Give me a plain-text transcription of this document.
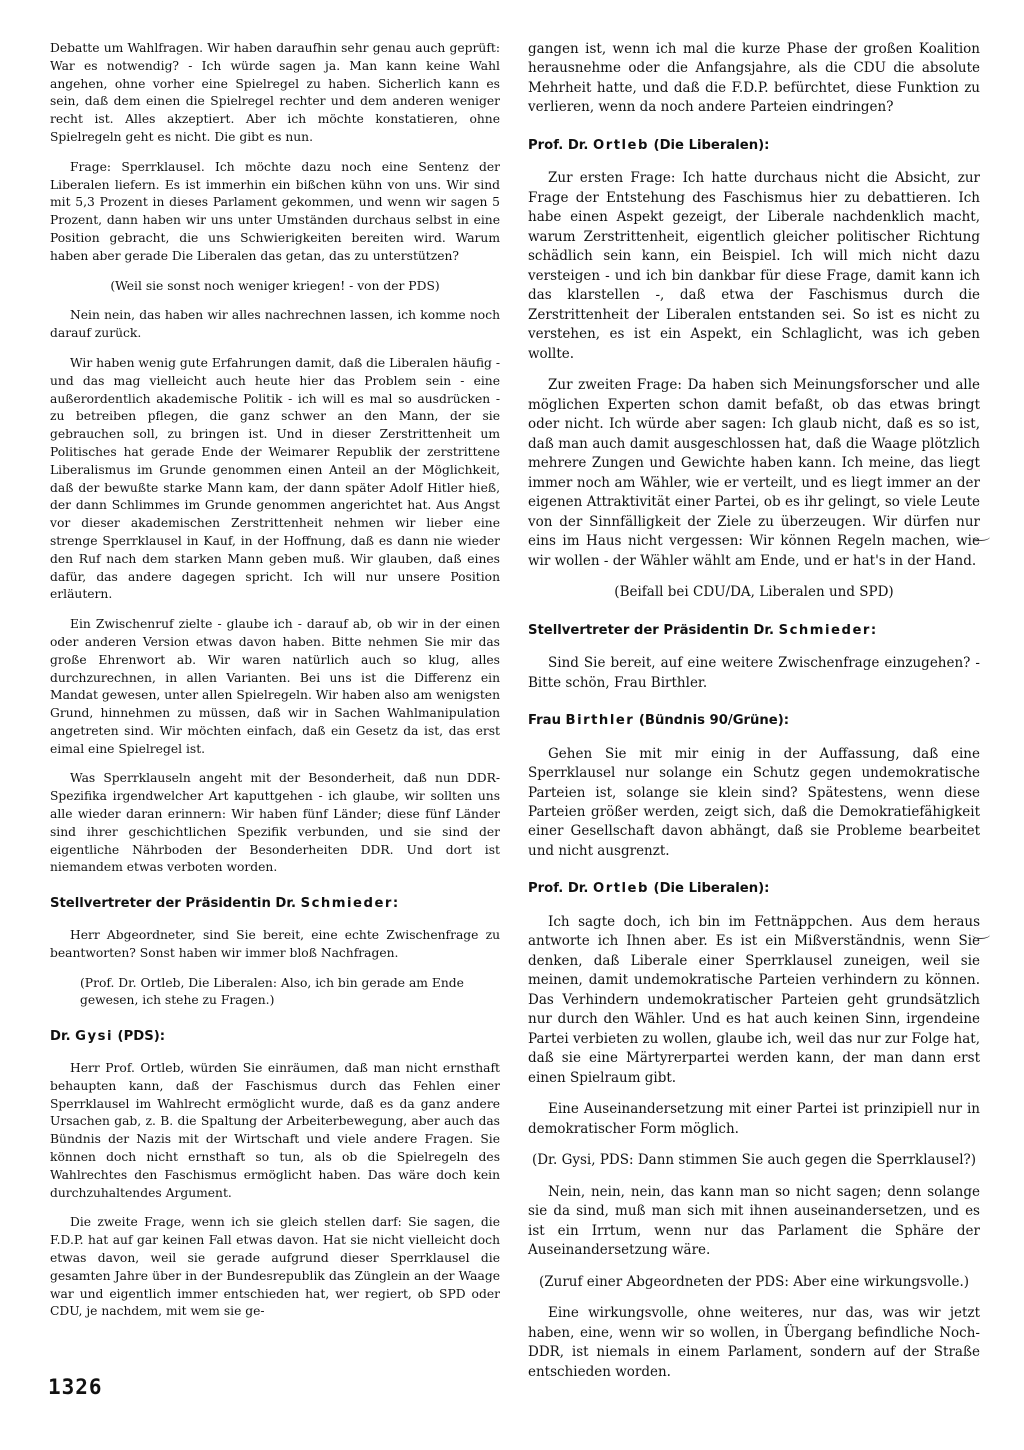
Debatte um Wahlfragen. Wir haben daraufhin sehr genau auch geprüft: War es notwendig? - Ich würde sagen ja. Man kann keine Wahl angehen, ohne vorher eine Spielregel zu haben. Sicherlich kann es sein, daß dem einen die Spielregel rechter und dem anderen weniger recht ist. Alles akzeptiert. Aber ich möchte konstatieren, ohne Spielregeln geht es nicht. Die gibt es nun.

Frage: Sperrklausel. Ich möchte dazu noch eine Sentenz der Liberalen liefern. Es ist immerhin ein bißchen kühn von uns. Wir sind mit 5,3 Prozent in dieses Parlament gekommen, und wenn wir sagen 5 Prozent, dann haben wir uns unter Umständen durchaus selbst in eine Position gebracht, die uns Schwierigkeiten bereiten wird. Warum haben aber gerade Die Liberalen das getan, das zu unterstützen?

(Weil sie sonst noch weniger kriegen! - von der PDS)

Nein nein, das haben wir alles nachrechnen lassen, ich komme noch darauf zurück.

Wir haben wenig gute Erfahrungen damit, daß die Liberalen häufig - und das mag vielleicht auch heute hier das Problem sein - eine außerordentlich akademische Politik - ich will es mal so ausdrücken - zu betreiben pflegen, die ganz schwer an den Mann, der sie gebrauchen soll, zu bringen ist. Und in dieser Zerstrittenheit um Politisches hat gerade Ende der Weimarer Republik der zerstrittene Liberalismus im Grunde genommen einen Anteil an der Möglichkeit, daß der bewußte starke Mann kam, der dann später Adolf Hitler hieß, der dann Schlimmes im Grunde genommen angerichtet hat. Aus Angst vor dieser akademischen Zerstrittenheit nehmen wir lieber eine strenge Sperrklausel in Kauf, in der Hoffnung, daß es dann nie wieder den Ruf nach dem starken Mann geben muß. Wir glauben, daß eines dafür, das andere dagegen spricht. Ich will nur unsere Position erläutern.

Ein Zwischenruf zielte - glaube ich - darauf ab, ob wir in der einen oder anderen Version etwas davon haben. Bitte nehmen Sie mir das große Ehrenwort ab. Wir waren natürlich auch so klug, alles durchzurechnen, in allen Varianten. Bei uns ist die Differenz ein Mandat gewesen, unter allen Spielregeln. Wir haben also am wenigsten Grund, hinnehmen zu müssen, daß wir in Sachen Wahlmanipulation angetreten sind. Wir möchten einfach, daß ein Gesetz da ist, das erst eimal eine Spielregel ist.

Was Sperrklauseln angeht mit der Besonderheit, daß nun DDR-Spezifika irgendwelcher Art kaputtgehen - ich glaube, wir sollten uns alle wieder daran erinnern: Wir haben fünf Länder; diese fünf Länder sind ihrer geschichtlichen Spezifik verbunden, und sie sind der eigentliche Nährboden der Besonderheiten DDR. Und dort ist niemandem etwas verboten worden.

Stellvertreter der Präsidentin Dr. Schmieder:

Herr Abgeordneter, sind Sie bereit, eine echte Zwischenfrage zu beantworten? Sonst haben wir immer bloß Nachfragen.

(Prof. Dr. Ortleb, Die Liberalen: Also, ich bin gerade am Ende gewesen, ich stehe zu Fragen.)

Dr. Gysi (PDS):

Herr Prof. Ortleb, würden Sie einräumen, daß man nicht ernsthaft behaupten kann, daß der Faschismus durch das Fehlen einer Sperrklausel im Wahlrecht ermöglicht wurde, daß es da ganz andere Ursachen gab, z. B. die Spaltung der Arbeiterbewegung, aber auch das Bündnis der Nazis mit der Wirtschaft und viele andere Fragen. Sie können doch nicht ernsthaft so tun, als ob die Spielregeln des Wahlrechtes den Faschismus ermöglicht haben. Das wäre doch kein durchzuhaltendes Argument.

Die zweite Frage, wenn ich sie gleich stellen darf: Sie sagen, die F.D.P. hat auf gar keinen Fall etwas davon. Hat sie nicht vielleicht doch etwas davon, weil sie gerade aufgrund dieser Sperrklausel die gesamten Jahre über in der Bundesrepublik das Zünglein an der Waage war und eigentlich immer entschieden hat, wer regiert, ob SPD oder CDU, je nachdem, mit wem sie ge-

gangen ist, wenn ich mal die kurze Phase der großen Koalition herausnehme oder die Anfangsjahre, als die CDU die absolute Mehrheit hatte, und daß die F.D.P. befürchtet, diese Funktion zu verlieren, wenn da noch andere Parteien eindringen?

Prof. Dr. Ortleb (Die Liberalen):

Zur ersten Frage: Ich hatte durchaus nicht die Absicht, zur Frage der Entstehung des Faschismus hier zu debattieren. Ich habe einen Aspekt gezeigt, der Liberale nachdenklich macht, warum Zerstrittenheit, eigentlich gleicher politischer Richtung schädlich sein kann, ein Beispiel. Ich will mich nicht dazu versteigen - und ich bin dankbar für diese Frage, damit kann ich das klarstellen -, daß etwa der Faschismus durch die Zerstrittenheit der Liberalen entstanden sei. So ist es nicht zu verstehen, es ist ein Aspekt, ein Schlaglicht, was ich geben wollte.

Zur zweiten Frage: Da haben sich Meinungsforscher und alle möglichen Experten schon damit befaßt, ob das etwas bringt oder nicht. Ich würde aber sagen: Ich glaub nicht, daß es so ist, daß man auch damit ausgeschlossen hat, daß die Waage plötzlich mehrere Zungen und Gewichte haben kann. Ich meine, das liegt immer noch am Wähler, wie er verteilt, und es liegt immer an der eigenen Attraktivität einer Partei, ob es ihr gelingt, so viele Leute von der Sinnfälligkeit der Ziele zu überzeugen. Wir dürfen nur eins im Haus nicht vergessen: Wir können Regeln machen, wie wir wollen - der Wähler wählt am Ende, und er hat's in der Hand.

(Beifall bei CDU/DA, Liberalen und SPD)

Stellvertreter der Präsidentin Dr. Schmieder:

Sind Sie bereit, auf eine weitere Zwischenfrage einzugehen? - Bitte schön, Frau Birthler.

Frau Birthler (Bündnis 90/Grüne):

Gehen Sie mit mir einig in der Auffassung, daß eine Sperrklausel nur solange ein Schutz gegen undemokratische Parteien ist, solange sie klein sind? Spätestens, wenn diese Parteien größer werden, zeigt sich, daß die Demokratiefähigkeit einer Gesellschaft davon abhängt, daß sie Probleme bearbeitet und nicht ausgrenzt.

Prof. Dr. Ortleb (Die Liberalen):

Ich sagte doch, ich bin im Fettnäppchen. Aus dem heraus antworte ich Ihnen aber. Es ist ein Mißverständnis, wenn Sie denken, daß Liberale einer Sperrklausel zuneigen, weil sie meinen, damit undemokratische Parteien verhindern zu können. Das Verhindern undemokratischer Parteien geht grundsätzlich nur durch den Wähler. Und es hat auch keinen Sinn, irgendeine Partei verbieten zu wollen, glaube ich, weil das nur zur Folge hat, daß sie eine Märtyrerpartei werden kann, der man dann erst einen Spielraum gibt.

Eine Auseinandersetzung mit einer Partei ist prinzipiell nur in demokratischer Form möglich.

(Dr. Gysi, PDS: Dann stimmen Sie auch gegen die Sperrklausel?)

Nein, nein, nein, das kann man so nicht sagen; denn solange sie da sind, muß man sich mit ihnen auseinandersetzen, und es ist ein Irrtum, wenn nur das Parlament die Sphäre der Auseinandersetzung wäre.

(Zuruf einer Abgeordneten der PDS: Aber eine wirkungsvolle.)

Eine wirkungsvolle, ohne weiteres, nur das, was wir jetzt haben, eine, wenn wir so wollen, in Übergang befindliche Noch-DDR, ist niemals in einem Parlament, sondern auf der Straße entschieden worden.

1326
